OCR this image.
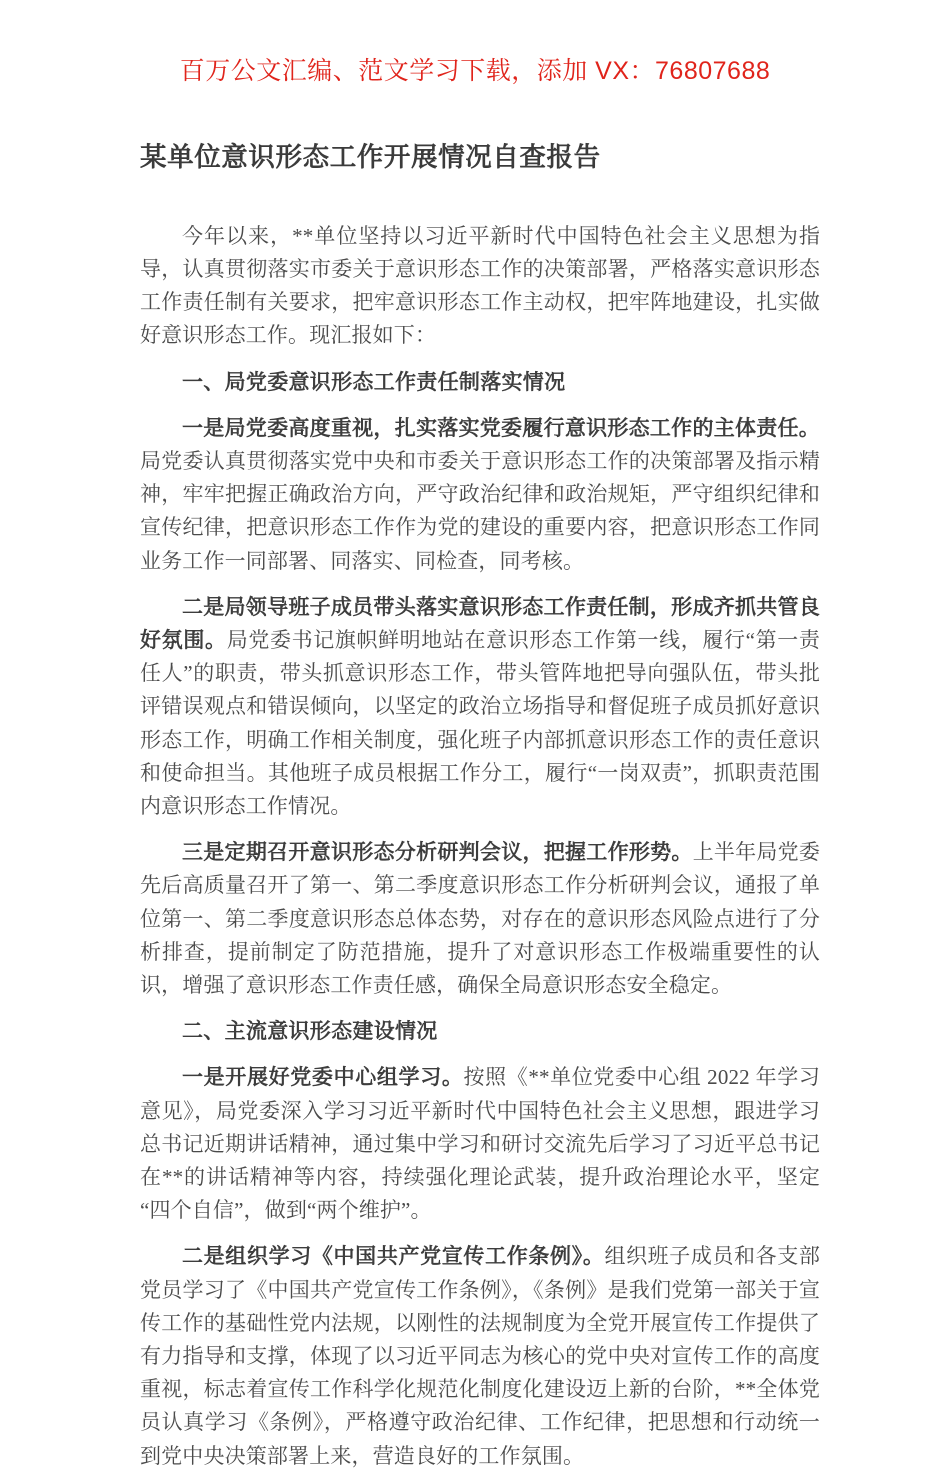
百万公文汇编、范文学习下载，添加 VX：76807688
某单位意识形态工作开展情况自查报告

今年以来，**单位坚持以习近平新时代中国特色社会主义思想为指导，认真贯彻落实市委关于意识形态工作的决策部署，严格落实意识形态工作责任制有关要求，把牢意识形态工作主动权，把牢阵地建设，扎实做好意识形态工作。现汇报如下：

一、局党委意识形态工作责任制落实情况

一是局党委高度重视，扎实落实党委履行意识形态工作的主体责任。局党委认真贯彻落实党中央和市委关于意识形态工作的决策部署及指示精神，牢牢把握正确政治方向，严守政治纪律和政治规矩，严守组织纪律和宣传纪律，把意识形态工作作为党的建设的重要内容，把意识形态工作同业务工作一同部署、同落实、同检查，同考核。

二是局领导班子成员带头落实意识形态工作责任制，形成齐抓共管良好氛围。局党委书记旗帜鲜明地站在意识形态工作第一线，履行“第一责任人”的职责，带头抓意识形态工作，带头管阵地把导向强队伍，带头批评错误观点和错误倾向，以坚定的政治立场指导和督促班子成员抓好意识形态工作，明确工作相关制度，强化班子内部抓意识形态工作的责任意识和使命担当。其他班子成员根据工作分工，履行“一岗双责”，抓职责范围内意识形态工作情况。

三是定期召开意识形态分析研判会议，把握工作形势。上半年局党委先后高质量召开了第一、第二季度意识形态工作分析研判会议，通报了单位第一、第二季度意识形态总体态势，对存在的意识形态风险点进行了分析排查，提前制定了防范措施，提升了对意识形态工作极端重要性的认识，增强了意识形态工作责任感，确保全局意识形态安全稳定。

二、主流意识形态建设情况

一是开展好党委中心组学习。按照《**单位党委中心组 2022 年学习意见》，局党委深入学习习近平新时代中国特色社会主义思想，跟进学习总书记近期讲话精神，通过集中学习和研讨交流先后学习了习近平总书记在**的讲话精神等内容，持续强化理论武装，提升政治理论水平，坚定“四个自信”，做到“两个维护”。

二是组织学习《中国共产党宣传工作条例》。组织班子成员和各支部党员学习了《中国共产党宣传工作条例》，《条例》是我们党第一部关于宣传工作的基础性党内法规，以刚性的法规制度为全党开展宣传工作提供了有力指导和支撑，体现了以习近平同志为核心的党中央对宣传工作的高度重视，标志着宣传工作科学化规范化制度化建设迈上新的台阶，**全体党员认真学习《条例》，严格遵守政治纪律、工作纪律，把思想和行动统一到党中央决策部署上来，营造良好的工作氛围。
